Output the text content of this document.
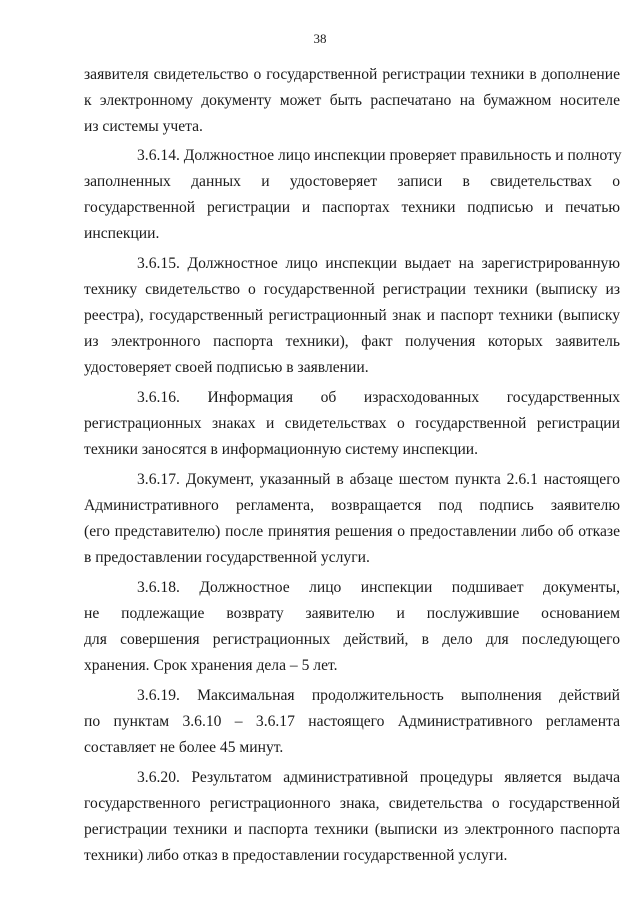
38
заявителя свидетельство о государственной регистрации техники в дополнение
к электронному документу может быть распечатано на бумажном носителе
из системы учета.
3.6.14. Должностное лицо инспекции проверяет правильность и полноту
заполненных данных и удостоверяет записи в свидетельствах о
государственной регистрации и паспортах техники подписью и печатью
инспекции.
3.6.15. Должностное лицо инспекции выдает на зарегистрированную
технику свидетельство о государственной регистрации техники (выписку из
реестра), государственный регистрационный знак и паспорт техники (выписку
из электронного паспорта техники), факт получения которых заявитель
удостоверяет своей подписью в заявлении.
3.6.16. Информация об израсходованных государственных
регистрационных знаках и свидетельствах о государственной регистрации
техники заносятся в информационную систему инспекции.
3.6.17. Документ, указанный в абзаце шестом пункта 2.6.1 настоящего
Административного регламента, возвращается под подпись заявителю
(его представителю) после принятия решения о предоставлении либо об отказе
в предоставлении государственной услуги.
3.6.18. Должностное лицо инспекции подшивает документы,
не подлежащие возврату заявителю и послужившие основанием
для совершения регистрационных действий, в дело для последующего
хранения. Срок хранения дела – 5 лет.
3.6.19. Максимальная продолжительность выполнения действий
по пунктам 3.6.10 – 3.6.17 настоящего Административного регламента
составляет не более 45 минут.
3.6.20. Результатом административной процедуры является выдача
государственного регистрационного знака, свидетельства о государственной
регистрации техники и паспорта техники (выписки из электронного паспорта
техники) либо отказ в предоставлении государственной услуги.
